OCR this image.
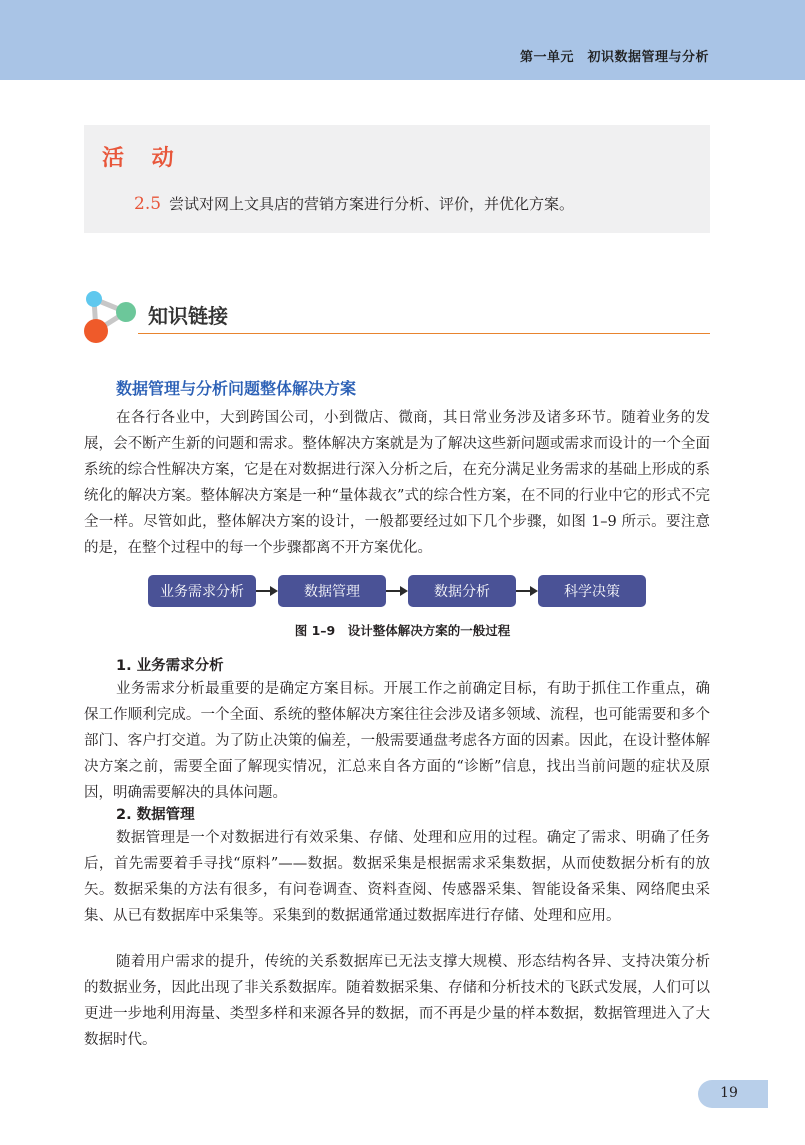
第一单元　初识数据管理与分析
活 动
2.5 尝试对网上文具店的营销方案进行分析、评价，并优化方案。
知识链接
数据管理与分析问题整体解决方案

在各行各业中，大到跨国公司，小到微店、微商，其日常业务涉及诸多环节。随着业务的发展，会不断产生新的问题和需求。整体解决方案就是为了解决这些新问题或需求而设计的一个全面系统的综合性解决方案，它是在对数据进行深入分析之后，在充分满足业务需求的基础上形成的系统化的解决方案。整体解决方案是一种“量体裁衣”式的综合性方案，在不同的行业中它的形式不完全一样。尽管如此，整体解决方案的设计，一般都要经过如下几个步骤，如图 1–9 所示。要注意的是，在整个过程中的每一个步骤都离不开方案优化。

业务需求分析	数据管理	数据分析	科学决策
图 1–9　设计整体解决方案的一般过程
1. 业务需求分析

业务需求分析最重要的是确定方案目标。开展工作之前确定目标，有助于抓住工作重点，确保工作顺利完成。一个全面、系统的整体解决方案往往会涉及诸多领域、流程，也可能需要和多个部门、客户打交道。为了防止决策的偏差，一般需要通盘考虑各方面的因素。因此，在设计整体解决方案之前，需要全面了解现实情况，汇总来自各方面的“诊断”信息，找出当前问题的症状及原因，明确需要解决的具体问题。

2. 数据管理

数据管理是一个对数据进行有效采集、存储、处理和应用的过程。确定了需求、明确了任务后，首先需要着手寻找“原料”——数据。数据采集是根据需求采集数据，从而使数据分析有的放矢。数据采集的方法有很多，有问卷调查、资料查阅、传感器采集、智能设备采集、网络爬虫采集、从已有数据库中采集等。采集到的数据通常通过数据库进行存储、处理和应用。

随着用户需求的提升，传统的关系数据库已无法支撑大规模、形态结构各异、支持决策分析的数据业务，因此出现了非关系数据库。随着数据采集、存储和分析技术的飞跃式发展，人们可以更进一步地利用海量、类型多样和来源各异的数据，而不再是少量的样本数据，数据管理进入了大数据时代。

19
